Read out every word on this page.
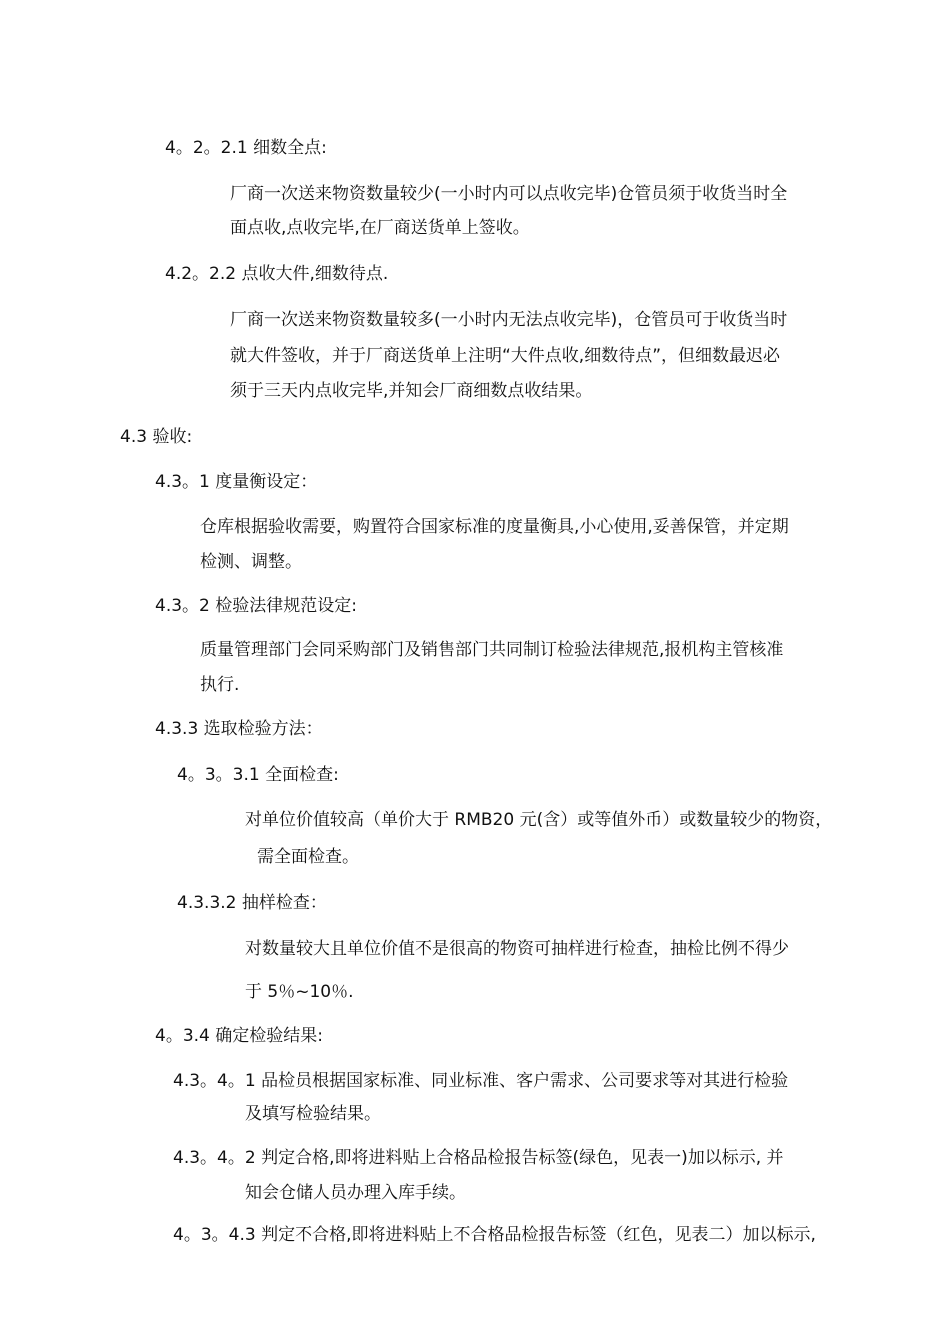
4。2。2.1 细数全点:
厂商一次送来物资数量较少(一小时内可以点收完毕)仓管员须于收货当时全
面点收,点收完毕,在厂商送货单上签收。
4.2。2.2 点收大件,细数待点.
厂商一次送来物资数量较多(一小时内无法点收完毕)，仓管员可于收货当时
就大件签收，并于厂商送货单上注明“大件点收,细数待点”，但细数最迟必
须于三天内点收完毕,并知会厂商细数点收结果。
4.3 验收:
4.3。1 度量衡设定：
仓库根据验收需要，购置符合国家标准的度量衡具,小心使用,妥善保管，并定期
检测、调整。
4.3。2 检验法律规范设定:
质量管理部门会同采购部门及销售部门共同制订检验法律规范,报机构主管核准
执行.
4.3.3 选取检验方法：
4。3。3.1 全面检查:
对单位价值较高（单价大于 RMB20 元(含）或等值外币）或数量较少的物资，
需全面检查。
4.3.3.2 抽样检查：
对数量较大且单位价值不是很高的物资可抽样进行检查，抽检比例不得少
于 5％~10％.
4。3.4 确定检验结果:
4.3。4。1 品检员根据国家标准、同业标准、客户需求、公司要求等对其进行检验
及填写检验结果。
4.3。4。2 判定合格,即将进料贴上合格品检报告标签(绿色，见表一)加以标示, 并
知会仓储人员办理入库手续。
4。3。4.3 判定不合格,即将进料贴上不合格品检报告标签（红色，见表二）加以标示,
